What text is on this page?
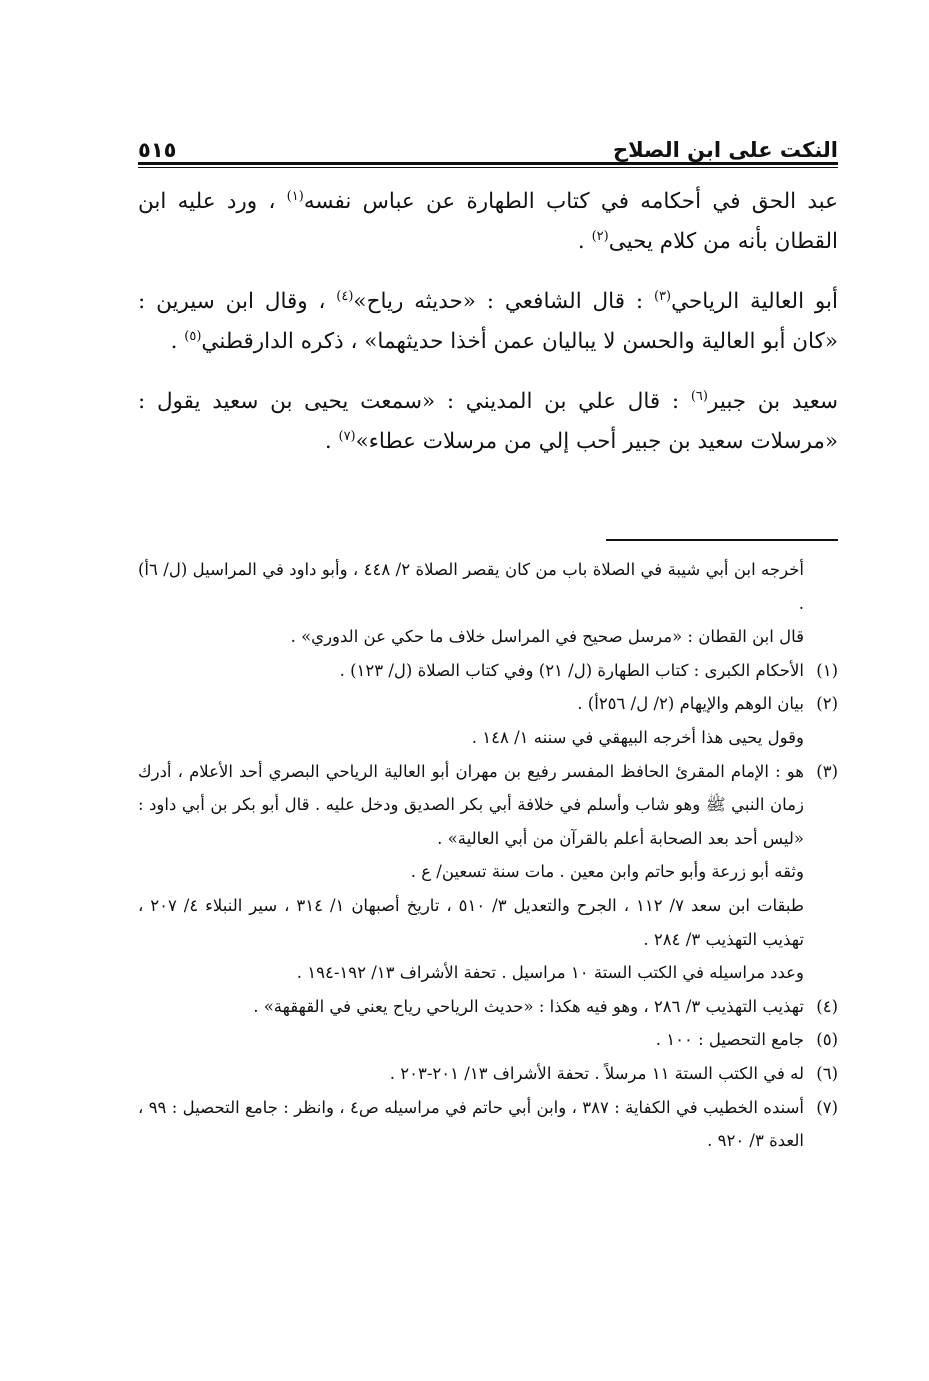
٥١٥	النكت على ابن الصلاح

عبد الحق في أحكامه في كتاب الطهارة عن عباس نفسه$^{(١)}$ ، ورد عليه ابن القطان بأنه من كلام يحيى$^{(٢)}$ .

أبو العالية الرياحي$^{(٣)}$ : قال الشافعي : «حديثه رياح»$^{(٤)}$ ، وقال ابن سيرين : «كان أبو العالية والحسن لا يباليان عمن أخذا حديثهما» ، ذكره الدارقطني$^{(٥)}$ .

سعيد بن جبير$^{(٦)}$ : قال علي بن المديني : «سمعت يحيى بن سعيد يقول : «مرسلات سعيد بن جبير أحب إلي من مرسلات عطاء»$^{(٧)}$ .

أخرجه ابن أبي شيبة في الصلاة باب من كان يقصر الصلاة ٢/ ٤٤٨ ، وأبو داود في المراسيل (ل/ ٦أ) .
قال ابن القطان : «مرسل صحيح في المراسل خلاف ما حكي عن الدوري» .
(١)
الأحكام الكبرى : كتاب الطهارة (ل/ ٢١) وفي كتاب الصلاة (ل/ ١٢٣) .
(٢)
بيان الوهم والإيهام (٢/ ل/ ٢٥٦أ) .
وقول يحيى هذا أخرجه البيهقي في سننه ١/ ١٤٨ .
(٣)
هو : الإمام المقرئ الحافظ المفسر رفيع بن مهران أبو العالية الرياحي البصري أحد الأعلام ، أدرك زمان النبي ﷺ وهو شاب وأسلم في خلافة أبي بكر الصديق ودخل عليه . قال أبو بكر بن أبي داود : «ليس أحد بعد الصحابة أعلم بالقرآن من أبي العالية» .
وثقه أبو زرعة وأبو حاتم وابن معين . مات سنة تسعين/ ع .
طبقات ابن سعد ٧/ ١١٢ ، الجرح والتعديل ٣/ ٥١٠ ، تاريخ أصبهان ١/ ٣١٤ ، سير النبلاء ٤/ ٢٠٧ ، تهذيب التهذيب ٣/ ٢٨٤ .
وعدد مراسيله في الكتب الستة ١٠ مراسيل . تحفة الأشراف ١٣/ ١٩٢-١٩٤ .
(٤)
تهذيب التهذيب ٣/ ٢٨٦ ، وهو فيه هكذا : «حديث الرياحي رياح يعني في القهقهة» .
(٥)
جامع التحصيل : ١٠٠ .
(٦)
له في الكتب الستة ١١ مرسلاً . تحفة الأشراف ١٣/ ٢٠١-٢٠٣ .
(٧)
أسنده الخطيب في الكفاية : ٣٨٧ ، وابن أبي حاتم في مراسيله ص٤ ، وانظر : جامع التحصيل : ٩٩ ، العدة ٣/ ٩٢٠ .
